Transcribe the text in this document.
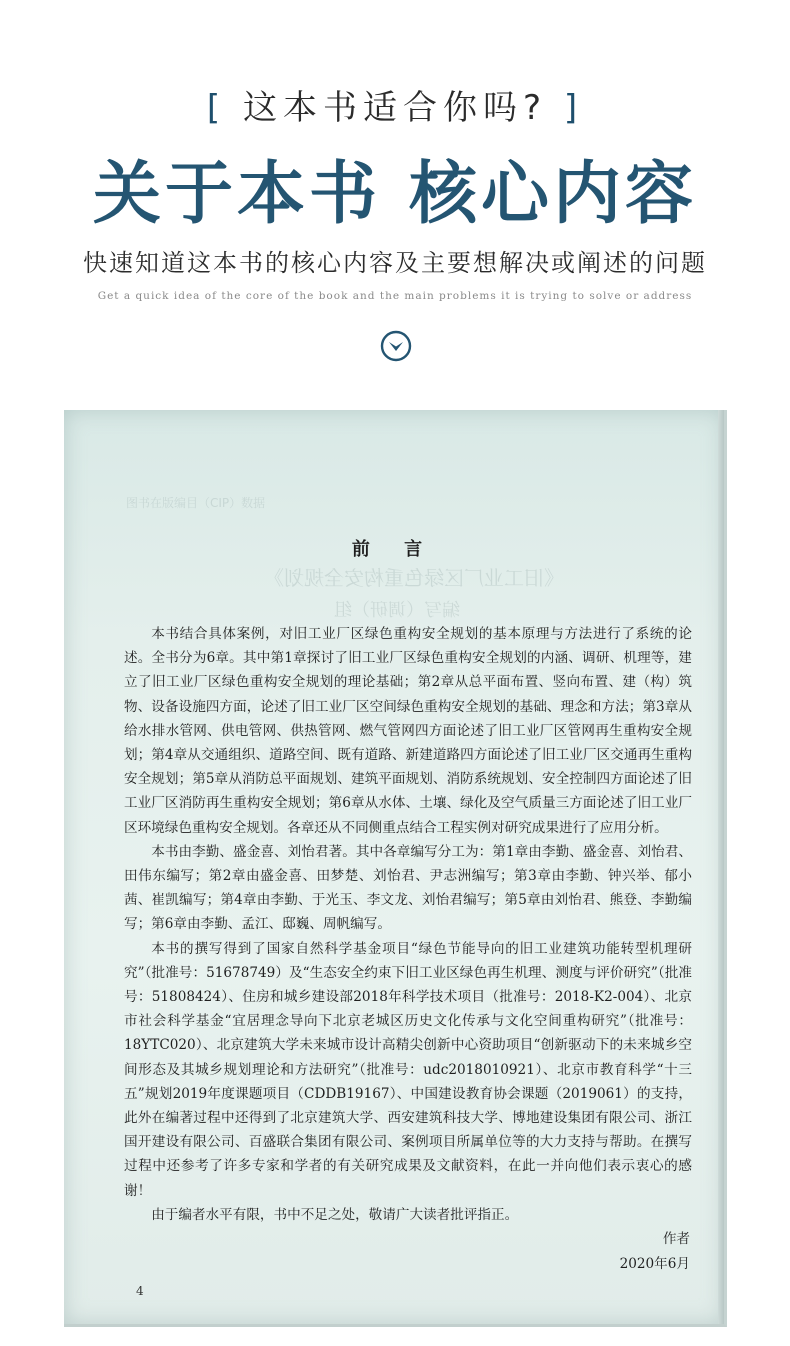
[ 这本书适合你吗? ]
关于本书 核心内容
快速知道这本书的核心内容及主要想解决或阐述的问题
Get a quick idea of the core of the book and the main problems it is trying to solve or address
图书在版编目（CIP）数据
《旧工业厂区绿色重构安全规划》
编写（调研）组
前 言

本书结合具体案例，对旧工业厂区绿色重构安全规划的基本原理与方法进行了系统的论述。全书分为6章。其中第1章探讨了旧工业厂区绿色重构安全规划的内涵、调研、机理等，建立了旧工业厂区绿色重构安全规划的理论基础；第2章从总平面布置、竖向布置、建（构）筑物、设备设施四方面，论述了旧工业厂区空间绿色重构安全规划的基础、理念和方法；第3章从给水排水管网、供电管网、供热管网、燃气管网四方面论述了旧工业厂区管网再生重构安全规划；第4章从交通组织、道路空间、既有道路、新建道路四方面论述了旧工业厂区交通再生重构安全规划；第5章从消防总平面规划、建筑平面规划、消防系统规划、安全控制四方面论述了旧工业厂区消防再生重构安全规划；第6章从水体、土壤、绿化及空气质量三方面论述了旧工业厂区环境绿色重构安全规划。各章还从不同侧重点结合工程实例对研究成果进行了应用分析。

本书由李勤、盛金喜、刘怡君著。其中各章编写分工为：第1章由李勤、盛金喜、刘怡君、田伟东编写；第2章由盛金喜、田梦楚、刘怡君、尹志洲编写；第3章由李勤、钟兴举、郁小茜、崔凯编写；第4章由李勤、于光玉、李文龙、刘怡君编写；第5章由刘怡君、熊登、李勤编写；第6章由李勤、孟江、邸巍、周帆编写。

本书的撰写得到了国家自然科学基金项目“绿色节能导向的旧工业建筑功能转型机理研究”（批准号：51678749）及“生态安全约束下旧工业区绿色再生机理、测度与评价研究”（批准号：51808424）、住房和城乡建设部2018年科学技术项目（批准号：2018-K2-004）、北京市社会科学基金“宜居理念导向下北京老城区历史文化传承与文化空间重构研究”（批准号：18YTC020）、北京建筑大学未来城市设计高精尖创新中心资助项目“创新驱动下的未来城乡空间形态及其城乡规划理论和方法研究”（批准号：udc2018010921）、北京市教育科学“十三五”规划2019年度课题项目（CDDB19167）、中国建设教育协会课题（2019061）的支持，此外在编著过程中还得到了北京建筑大学、西安建筑科技大学、博地建设集团有限公司、浙江国开建设有限公司、百盛联合集团有限公司、案例项目所属单位等的大力支持与帮助。在撰写过程中还参考了许多专家和学者的有关研究成果及文献资料，在此一并向他们表示衷心的感谢！

由于编者水平有限，书中不足之处，敬请广大读者批评指正。

作者
2020年6月
4
